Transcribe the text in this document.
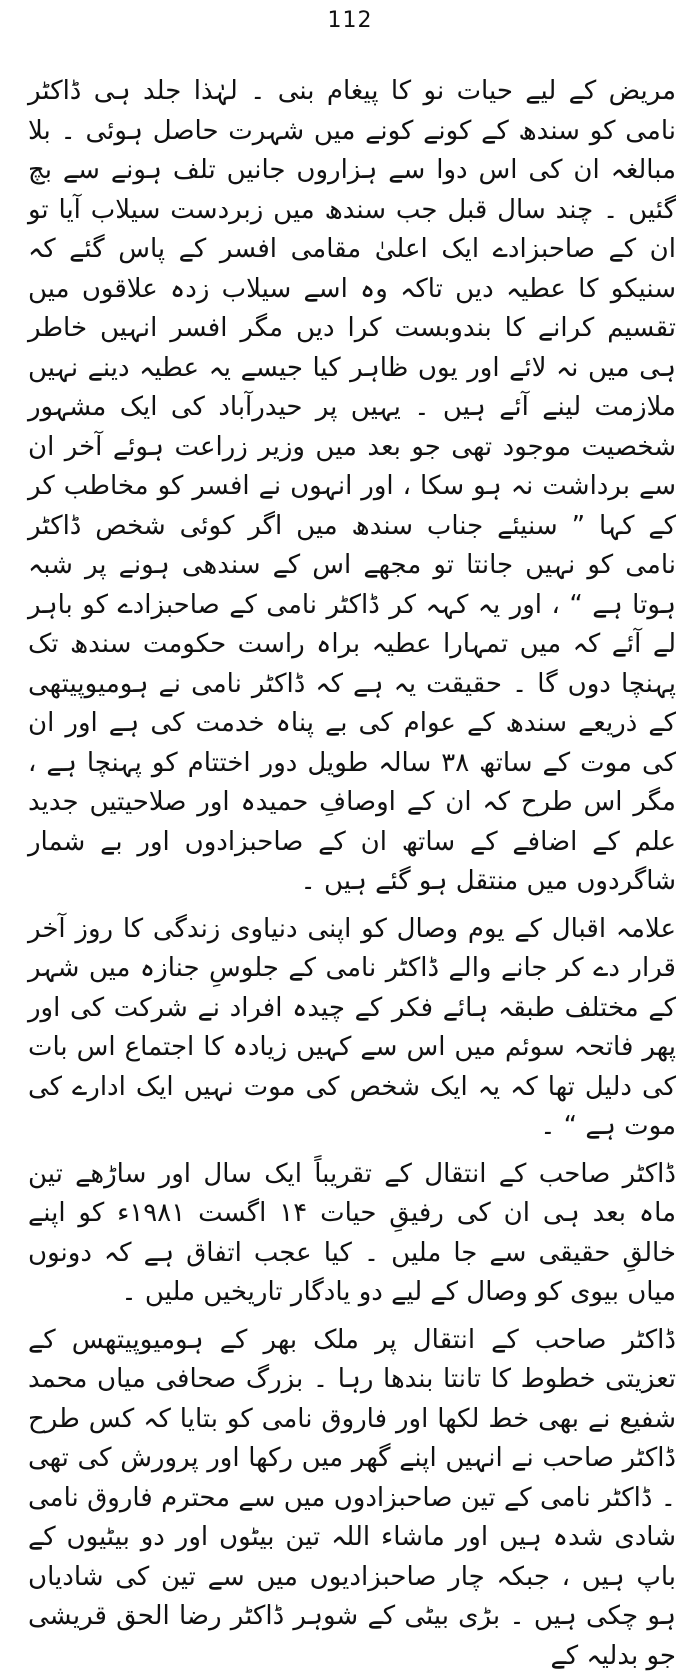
112

مریض کے لیے حیات نو کا پیغام بنی ۔ لہٰذا جلد ہی ڈاکٹر نامی کو سندھ کے کونے کونے میں شہرت حاصل ہوئی ۔ بلا مبالغہ ان کی اس دوا سے ہزاروں جانیں تلف ہونے سے بچ گئیں ۔ چند سال قبل جب سندھ میں زبردست سیلاب آیا تو ان کے صاحبزادے ایک اعلیٰ مقامی افسر کے پاس گئے کہ سنیکو کا عطیہ دیں تاکہ وہ اسے سیلاب زدہ علاقوں میں تقسیم کرانے کا بندوبست کرا دیں مگر افسر انہیں خاطر ہی میں نہ لائے اور یوں ظاہر کیا جیسے یہ عطیہ دینے نہیں ملازمت لینے آئے ہیں ۔ یہیں پر حیدرآباد کی ایک مشہور شخصیت موجود تھی جو بعد میں وزیر زراعت ہوئے آخر ان سے برداشت نہ ہو سکا ، اور انہوں نے افسر کو مخاطب کر کے کہا ” سنیئے جناب سندھ میں اگر کوئی شخص ڈاکٹر نامی کو نہیں جانتا تو مجھے اس کے سندھی ہونے پر شبہ ہوتا ہے “ ، اور یہ کہہ کر ڈاکٹر نامی کے صاحبزادے کو باہر لے آئے کہ میں تمہارا عطیہ براہ راست حکومت سندھ تک پہنچا دوں گا ۔ حقیقت یہ ہے کہ ڈاکٹر نامی نے ہومیوپیتھی کے ذریعے سندھ کے عوام کی بے پناہ خدمت کی ہے اور ان کی موت کے ساتھ ۳۸ سالہ طویل دور اختتام کو پہنچا ہے ، مگر اس طرح کہ ان کے اوصافِ حمیدہ اور صلاحیتیں جدید علم کے اضافے کے ساتھ ان کے صاحبزادوں اور بے شمار شاگردوں میں منتقل ہو گئے ہیں ۔

علامہ اقبال کے یوم وصال کو اپنی دنیاوی زندگی کا روز آخر قرار دے کر جانے والے ڈاکٹر نامی کے جلوسِ جنازہ میں شہر کے مختلف طبقہ ہائے فکر کے چیدہ افراد نے شرکت کی اور پھر فاتحہ سوئم میں اس سے کہیں زیادہ کا اجتماع اس بات کی دلیل تھا کہ یہ ایک شخص کی موت نہیں ایک ادارے کی موت ہے “ ۔

ڈاکٹر صاحب کے انتقال کے تقریباً ایک سال اور ساڑھے تین ماہ بعد ہی ان کی رفیقِ حیات ۱۴ اگست ۱۹۸۱ء کو اپنے خالقِ حقیقی سے جا ملیں ۔ کیا عجب اتفاق ہے کہ دونوں میاں بیوی کو وصال کے لیے دو یادگار تاریخیں ملیں ۔

ڈاکٹر صاحب کے انتقال پر ملک بھر کے ہومیوپیتھس کے تعزیتی خطوط کا تانتا بندھا رہا ۔ بزرگ صحافی میاں محمد شفیع نے بھی خط لکھا اور فاروق نامی کو بتایا کہ کس طرح ڈاکٹر صاحب نے انہیں اپنے گھر میں رکھا اور پرورش کی تھی ۔ ڈاکٹر نامی کے تین صاحبزادوں میں سے محترم فاروق نامی شادی شدہ ہیں اور ماشاء اللہ تین بیٹوں اور دو بیٹیوں کے باپ ہیں ، جبکہ چار صاحبزادیوں میں سے تین کی شادیاں ہو چکی ہیں ۔ بڑی بیٹی کے شوہر ڈاکٹر رضا الحق قریشی جو بدلیہ کے
